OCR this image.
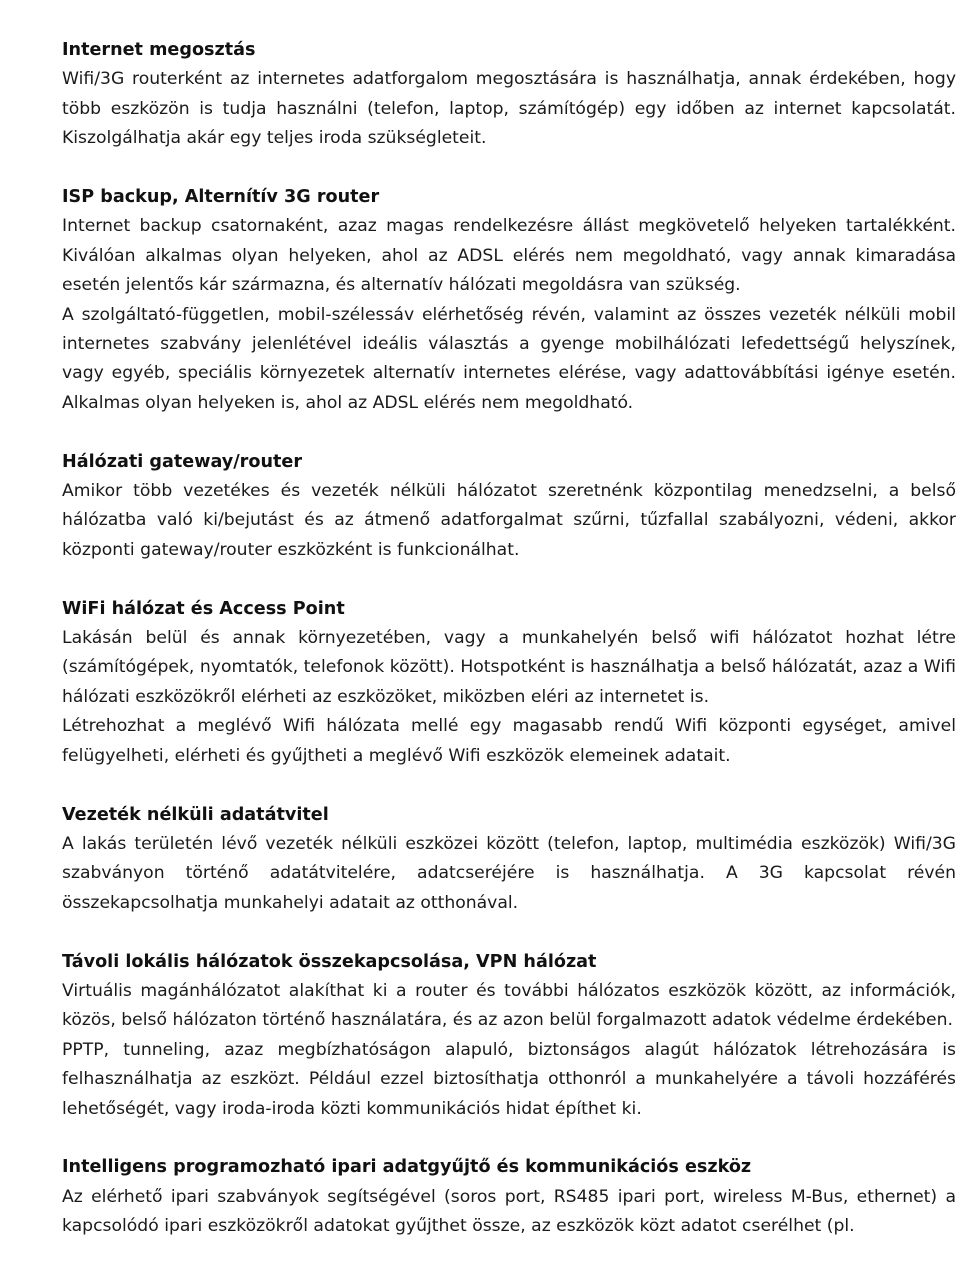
Internet megosztás

Wifi/3G routerként az internetes adatforgalom megosztására is használhatja, annak érdekében, hogy több eszközön is tudja használni (telefon, laptop, számítógép) egy időben az internet kapcsolatát. Kiszolgálhatja akár egy teljes iroda szükségleteit.

ISP backup, Alternítív 3G router

Internet backup csatornaként, azaz magas rendelkezésre állást megkövetelő helyeken tartalékként. Kiválóan alkalmas olyan helyeken, ahol az ADSL elérés nem megoldható, vagy annak kimaradása esetén jelentős kár származna, és alternatív hálózati megoldásra van szükség.

A szolgáltató-független, mobil-szélessáv elérhetőség révén, valamint az összes vezeték nélküli mobil internetes szabvány jelenlétével ideális választás a gyenge mobilhálózati lefedettségű helyszínek, vagy egyéb, speciális környezetek alternatív internetes elérése, vagy adattovábbítási igénye esetén. Alkalmas olyan helyeken is, ahol az ADSL elérés nem megoldható.

Hálózati gateway/router

Amikor több vezetékes és vezeték nélküli hálózatot szeretnénk központilag menedzselni, a belső hálózatba való ki/bejutást és az átmenő adatforgalmat szűrni, tűzfallal szabályozni, védeni, akkor központi gateway/router eszközként is funkcionálhat.

WiFi hálózat és Access Point

Lakásán belül és annak környezetében, vagy a munkahelyén belső wifi hálózatot hozhat létre (számítógépek, nyomtatók, telefonok között). Hotspotként is használhatja a belső hálózatát, azaz a Wifi hálózati eszközökről elérheti az eszközöket, miközben eléri az internetet is.

Létrehozhat a meglévő Wifi hálózata mellé egy magasabb rendű Wifi központi egységet, amivel felügyelheti, elérheti és gyűjtheti a meglévő Wifi eszközök elemeinek adatait.

Vezeték nélküli adatátvitel

A lakás területén lévő vezeték nélküli eszközei között (telefon, laptop, multimédia eszközök) Wifi/3G szabványon történő adatátvitelére, adatcseréjére is használhatja. A 3G kapcsolat révén összekapcsolhatja munkahelyi adatait az otthonával.

Távoli lokális hálózatok összekapcsolása, VPN hálózat

Virtuális magánhálózatot alakíthat ki a router és további hálózatos eszközök között, az információk, közös, belső hálózaton történő használatára, és az azon belül forgalmazott adatok védelme érdekében.

PPTP, tunneling, azaz megbízhatóságon alapuló, biztonságos alagút hálózatok létrehozására is felhasználhatja az eszközt. Például ezzel biztosíthatja otthonról a munkahelyére a távoli hozzáférés lehetőségét, vagy iroda-iroda közti kommunikációs hidat építhet ki.

Intelligens programozható ipari adatgyűjtő és kommunikációs eszköz

Az elérhető ipari szabványok segítségével (soros port, RS485 ipari port, wireless M-Bus, ethernet) a kapcsolódó ipari eszközökről adatokat gyűjthet össze, az eszközök közt adatot cserélhet (pl.
